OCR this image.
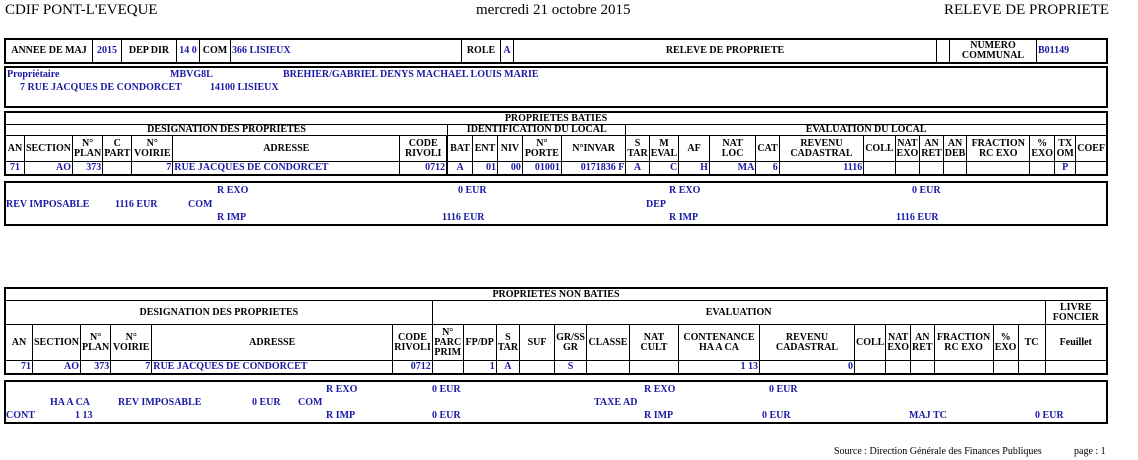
CDIF PONT-L'EVEQUE	mercredi 21 octobre 2015	RELEVE DE PROPRIETE
ANNEE DE MAJ	2015	DEP DIR	14 0	COM	366 LISIEUX	ROLE	A	RELEVE DE PROPRIETE		NUMERO
COMMUNAL	B01149
Propriétaire	MBVG8L	BREHIER/GABRIEL DENYS MACHAEL LOUIS MARIE
7 RUE JACQUES DE CONDORCET	14100 LISIEUX
PROPRIETES BATIES																									
DESIGNATION DES PROPRIETES							IDENTIFICATION DU LOCAL					EVALUATION DU LOCAL													
AN	SECTION	N° PLAN	C PART	N° VOIRIE	ADRESSE	CODE RIVOLI		BAT	ENT	NIV	N° PORTE	N°INVAR	S TAR	M EVAL	AF	NAT LOC	CAT	REVENU CADASTRAL	COLL	NAT EXO	AN RET	AN DEB	FRACTION RC EXO	% EXO	TX OM	COEF
71	AO	373		7	RUE JACQUES DE CONDORCET	0712		A	01	00	01001	0171836 F	A	C	H	MA	6	1116							P	
R EXO	0 EUR	R EXO	0 EUR
REV IMPOSABLE	1116 EUR	COM	DEP
R IMP	1116 EUR	R IMP	1116 EUR
PROPRIETES NON BATIES																					
DESIGNATION DES PROPRIETES						EVALUATION															LIVRE FONCIER
AN	SECTION	N° PLAN	N° VOIRIE	ADRESSE	CODE RIVOLI	N° PARC PRIM	FP/DP	S TAR	SUF	GR/SS GR	CLASSE	NAT CULT	CONTENANCE HA A CA	REVENU CADASTRAL	COLL	NAT EXO	AN RET	FRACTION RC EXO	% EXO	TC	Feuillet
71	AO	373	7	RUE JACQUES DE CONDORCET	0712		1	A		S			1 13	0							
R EXO	0 EUR	R EXO	0 EUR
HA A CA	REV IMPOSABLE	0 EUR COM	TAXE AD
CONT	1 13	R IMP	0 EUR	R IMP	0 EUR	MAJ TC	0 EUR
Source : Direction Générale des Finances Publiques	page : 1
